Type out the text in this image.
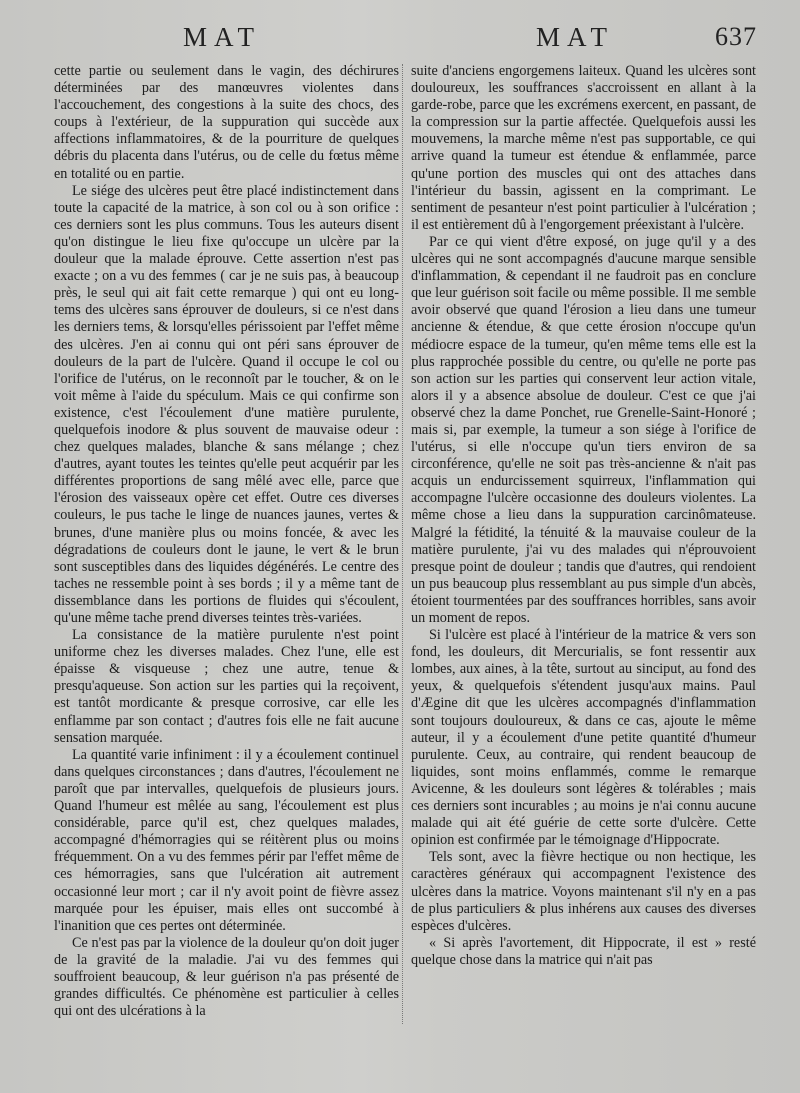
MAT	MAT	637

cette partie ou seulement dans le vagin, des déchirures déterminées par des manœuvres violentes dans l'accouchement, des congestions à la suite des chocs, des coups à l'extérieur, de la suppuration qui succède aux affections inflammatoires, & de la pourriture de quelques débris du placenta dans l'utérus, ou de celle du fœtus même en totalité ou en partie.

Le siége des ulcères peut être placé indistinctement dans toute la capacité de la matrice, à son col ou à son orifice : ces derniers sont les plus communs. Tous les auteurs disent qu'on distingue le lieu fixe qu'occupe un ulcère par la douleur que la malade éprouve. Cette assertion n'est pas exacte ; on a vu des femmes ( car je ne suis pas, à beaucoup près, le seul qui ait fait cette remarque ) qui ont eu long-tems des ulcères sans éprouver de douleurs, si ce n'est dans les derniers tems, & lorsqu'elles périssoient par l'effet même des ulcères. J'en ai connu qui ont péri sans éprouver de douleurs de la part de l'ulcère. Quand il occupe le col ou l'orifice de l'utérus, on le reconnoît par le toucher, & on le voit même à l'aide du spéculum. Mais ce qui confirme son existence, c'est l'écoulement d'une matière purulente, quelquefois inodore & plus souvent de mauvaise odeur : chez quelques malades, blanche & sans mélange ; chez d'autres, ayant toutes les teintes qu'elle peut acquérir par les différentes proportions de sang mêlé avec elle, parce que l'érosion des vaisseaux opère cet effet. Outre ces diverses couleurs, le pus tache le linge de nuances jaunes, vertes & brunes, d'une manière plus ou moins foncée, & avec les dégradations de couleurs dont le jaune, le vert & le brun sont susceptibles dans des liquides dégénérés. Le centre des taches ne ressemble point à ses bords ; il y a même tant de dissemblance dans les portions de fluides qui s'écoulent, qu'une même tache prend diverses teintes très-variées.

La consistance de la matière purulente n'est point uniforme chez les diverses malades. Chez l'une, elle est épaisse & visqueuse ; chez une autre, tenue & presqu'aqueuse. Son action sur les parties qui la reçoivent, est tantôt mordicante & presque corrosive, car elle les enflamme par son contact ; d'autres fois elle ne fait aucune sensation marquée.

La quantité varie infiniment : il y a écoulement continuel dans quelques circonstances ; dans d'autres, l'écoulement ne paroît que par intervalles, quelquefois de plusieurs jours. Quand l'humeur est mêlée au sang, l'écoulement est plus considérable, parce qu'il est, chez quelques malades, accompagné d'hémorragies qui se réitèrent plus ou moins fréquemment. On a vu des femmes périr par l'effet même de ces hémorragies, sans que l'ulcération ait autrement occasionné leur mort ; car il n'y avoit point de fièvre assez marquée pour les épuiser, mais elles ont succombé à l'inanition que ces pertes ont déterminée.

Ce n'est pas par la violence de la douleur qu'on doit juger de la gravité de la maladie. J'ai vu des femmes qui souffroient beaucoup, & leur guérison n'a pas présenté de grandes difficultés. Ce phénomène est particulier à celles qui ont des ulcérations à la

suite d'anciens engorgemens laiteux. Quand les ulcères sont douloureux, les souffrances s'accroissent en allant à la garde-robe, parce que les excrémens exercent, en passant, de la compression sur la partie affectée. Quelquefois aussi les mouvemens, la marche même n'est pas supportable, ce qui arrive quand la tumeur est étendue & enflammée, parce qu'une portion des muscles qui ont des attaches dans l'intérieur du bassin, agissent en la comprimant. Le sentiment de pesanteur n'est point particulier à l'ulcération ; il est entièrement dû à l'engorgement préexistant à l'ulcère.

Par ce qui vient d'être exposé, on juge qu'il y a des ulcères qui ne sont accompagnés d'aucune marque sensible d'inflammation, & cependant il ne faudroit pas en conclure que leur guérison soit facile ou même possible. Il me semble avoir observé que quand l'érosion a lieu dans une tumeur ancienne & étendue, & que cette érosion n'occupe qu'un médiocre espace de la tumeur, qu'en même tems elle est la plus rapprochée possible du centre, ou qu'elle ne porte pas son action sur les parties qui conservent leur action vitale, alors il y a absence absolue de douleur. C'est ce que j'ai observé chez la dame Ponchet, rue Grenelle-Saint-Honoré ; mais si, par exemple, la tumeur a son siége à l'orifice de l'utérus, si elle n'occupe qu'un tiers environ de sa circonférence, qu'elle ne soit pas très-ancienne & n'ait pas acquis un endurcissement squirreux, l'inflammation qui accompagne l'ulcère occasionne des douleurs violentes. La même chose a lieu dans la suppuration carcinômateuse. Malgré la fétidité, la ténuité & la mauvaise couleur de la matière purulente, j'ai vu des malades qui n'éprouvoient presque point de douleur ; tandis que d'autres, qui rendoient un pus beaucoup plus ressemblant au pus simple d'un abcès, étoient tourmentées par des souffrances horribles, sans avoir un moment de repos.

Si l'ulcère est placé à l'intérieur de la matrice & vers son fond, les douleurs, dit Mercurialis, se font ressentir aux lombes, aux aines, à la tête, surtout au sinciput, au fond des yeux, & quelquefois s'étendent jusqu'aux mains. Paul d'Ægine dit que les ulcères accompagnés d'inflammation sont toujours douloureux, & dans ce cas, ajoute le même auteur, il y a écoulement d'une petite quantité d'humeur purulente. Ceux, au contraire, qui rendent beaucoup de liquides, sont moins enflammés, comme le remarque Avicenne, & les douleurs sont légères & tolérables ; mais ces derniers sont incurables ; au moins je n'ai connu aucune malade qui ait été guérie de cette sorte d'ulcère. Cette opinion est confirmée par le témoignage d'Hippocrate.

Tels sont, avec la fièvre hectique ou non hectique, les caractères généraux qui accompagnent l'existence des ulcères dans la matrice. Voyons maintenant s'il n'y en a pas de plus particuliers & plus inhérens aux causes des diverses espèces d'ulcères.

« Si après l'avortement, dit Hippocrate, il est » resté quelque chose dans la matrice qui n'ait pas
